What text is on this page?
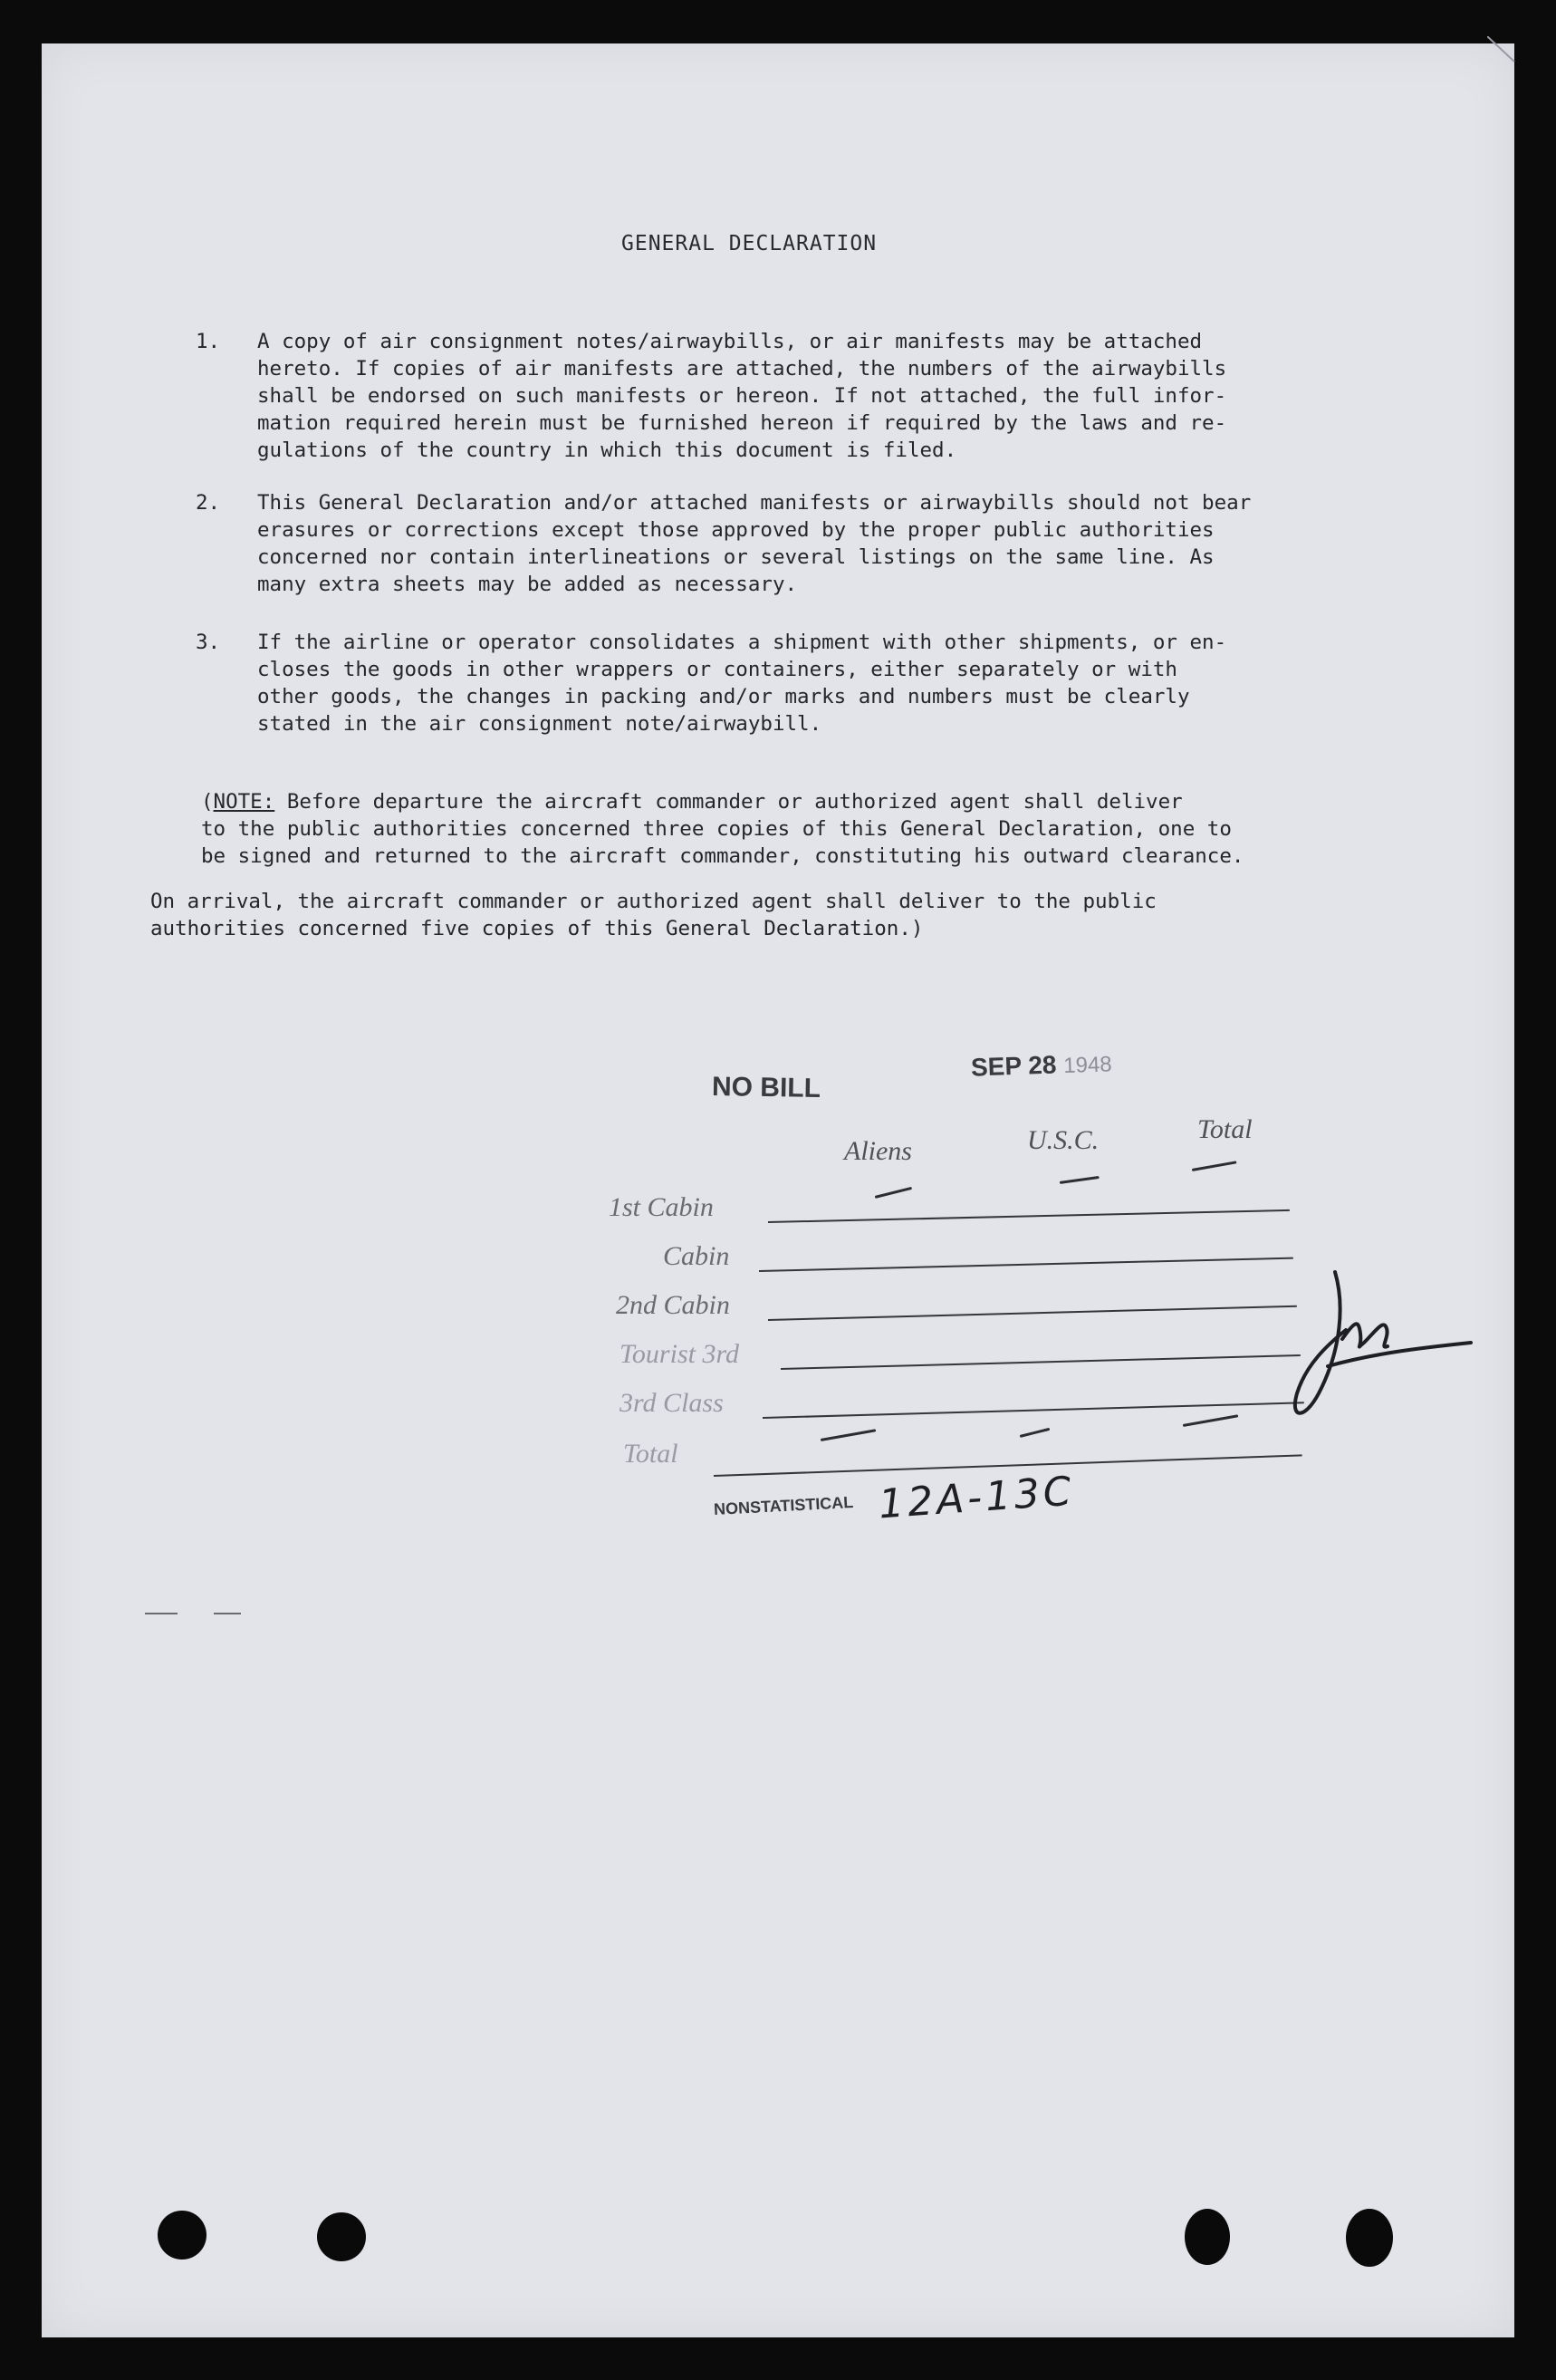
GENERAL DECLARATION
1.	A copy of air consignment notes/airwaybills, or air manifests may be attached
hereto. If copies of air manifests are attached, the numbers of the airwaybills
shall be endorsed on such manifests or hereon. If not attached, the full infor-
mation required herein must be furnished hereon if required by the laws and re-
gulations of the country in which this document is filed.
2.	This General Declaration and/or attached manifests or airwaybills should not bear
erasures or corrections except those approved by the proper public authorities
concerned nor contain interlineations or several listings on the same line. As
many extra sheets may be added as necessary.
3.	If the airline or operator consolidates a shipment with other shipments, or en-
closes the goods in other wrappers or containers, either separately or with
other goods, the changes in packing and/or marks and numbers must be clearly
stated in the air consignment note/airwaybill.
(NOTE: Before departure the aircraft commander or authorized agent shall deliver
to the public authorities concerned three copies of this General Declaration, one to
be signed and returned to the aircraft commander, constituting his outward clearance.
On arrival, the aircraft commander or authorized agent shall deliver to the public
authorities concerned five copies of this General Declaration.)
NO BILL
SEP 28 1948
Aliens	U.S.C.	Total
1st Cabin
Cabin
2nd Cabin
Tourist 3rd
3rd Class
Total
NONSTATISTICAL 12A-13C
